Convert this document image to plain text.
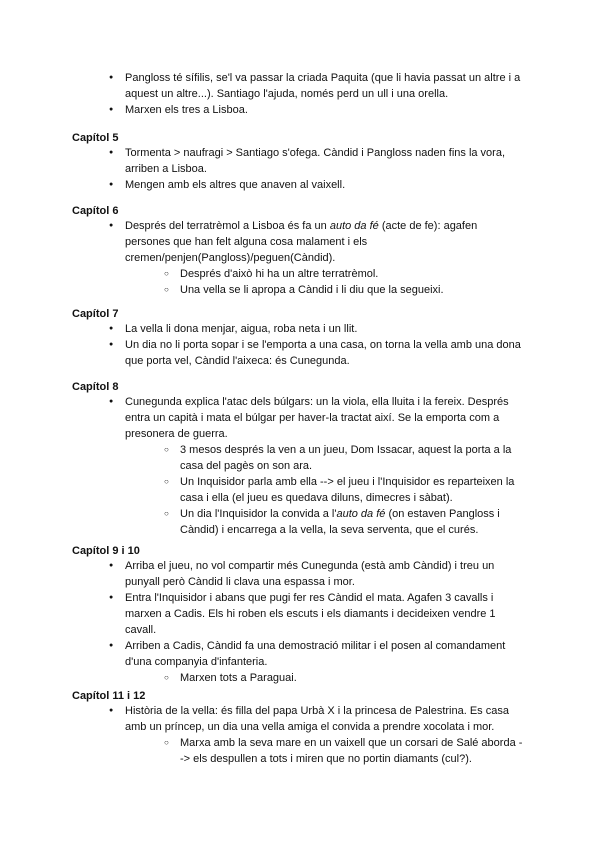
● Pangloss té sífilis, se'l va passar la criada Paquita (que li havia passat un altre i a aquest un altre...). Santiago l'ajuda, només perd un ull i una orella.
● Marxen els tres a Lisboa.
Capítol 5
● Tormenta > naufragi > Santiago s'ofega. Càndid i Pangloss naden fins la vora, arriben a Lisboa.
● Mengen amb els altres que anaven al vaixell.
Capítol 6
● Després del terratrèmol a Lisboa és fa un auto da fé (acte de fe): agafen persones que han felt alguna cosa malament i els cremen/penjen(Pangloss)/peguen(Càndid).
○ Després d'això hi ha un altre terratrèmol.
○ Una vella se li apropa a Càndid i li diu que la segueixi.
Capítol 7
● La vella li dona menjar, aigua, roba neta i un llit.
● Un dia no li porta sopar i se l'emporta a una casa, on torna la vella amb una dona que porta vel, Càndid l'aixeca: és Cunegunda.
Capítol 8
● Cunegunda explica l'atac dels búlgars: un la viola, ella lluita i la fereix. Després entra un capità i mata el búlgar per haver-la tractat així. Se la emporta com a presonera de guerra.
○ 3 mesos després la ven a un jueu, Dom Issacar, aquest la porta a la casa del pagès on son ara.
○ Un Inquisidor parla amb ella --> el jueu i l'Inquisidor es reparteixen la casa i ella (el jueu es quedava diluns, dimecres i sàbat).
○ Un dia l'Inquisidor la convida a l'auto da fé (on estaven Pangloss i Càndid) i encarrega a la vella, la seva serventa, que el curés.
Capítol 9 i 10
● Arriba el jueu, no vol compartir més Cunegunda (està amb Càndid) i treu un punyall però Càndid li clava una espassa i mor.
● Entra l'Inquisidor i abans que pugi fer res Càndid el mata. Agafen 3 cavalls i marxen a Cadis. Els hi roben els escuts i els diamants i decideixen vendre 1 cavall.
● Arriben a Cadis, Càndid fa una demostració militar i el posen al comandament d'una companyia d'infanteria.
○ Marxen tots a Paraguai.
Capítol 11 i 12
● Història de la vella: és filla del papa Urbà X i la princesa de Palestrina. Es casa amb un príncep, un dia una vella amiga el convida a prendre xocolata i mor.
○ Marxa amb la seva mare en un vaixell que un corsari de Salé aborda --> els despullen a tots i miren que no portin diamants (cul?).
